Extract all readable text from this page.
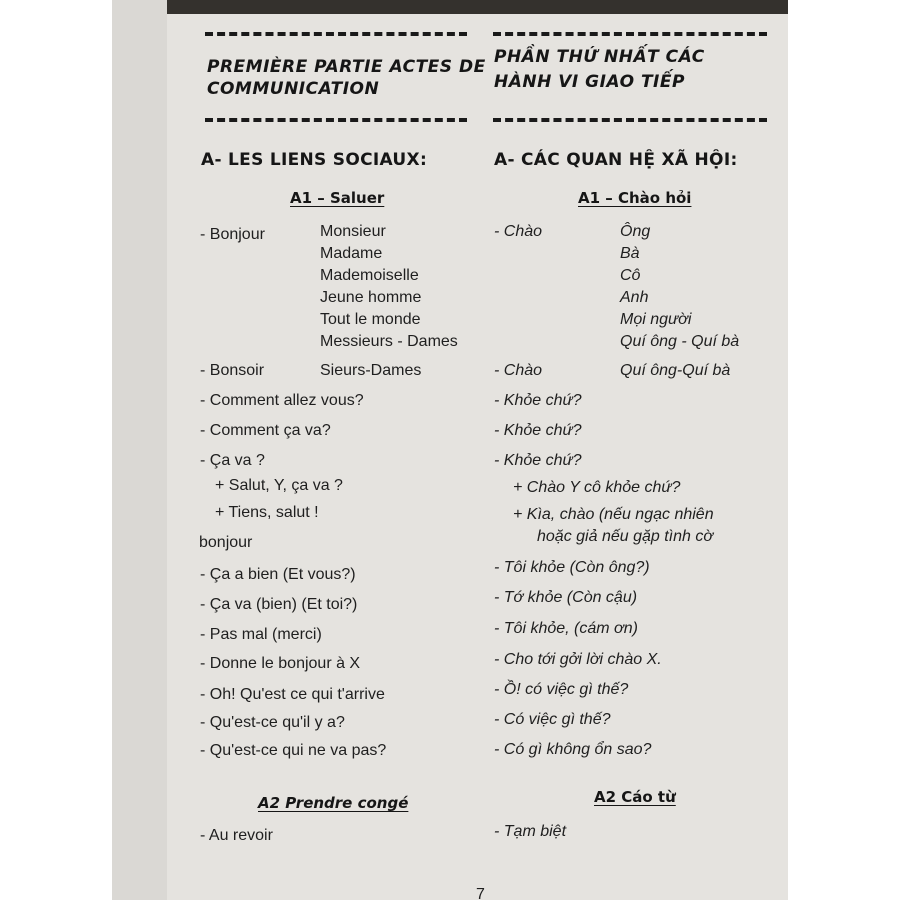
PREMIÈRE PARTIE ACTES DE
COMMUNICATION
PHẦN THỨ NHẤT CÁC
HÀNH VI GIAO TIẾP
A- LES LIENS SOCIAUX:	A- CÁC QUAN HỆ XÃ HỘI:
A1 – Saluer	A1 – Chào hỏi
- Bonjour	Monsieur
Madame
Mademoiselle
Jeune homme
Tout le monde
Messieurs - Dames
- Bonsoir	Sieurs-Dames
- Comment allez vous?
- Comment ça va?
- Ça va ?
+ Salut, Y, ça va ?
+ Tiens, salut !
bonjour
- Ça a bien (Et vous?)
- Ça va (bien) (Et toi?)
- Pas mal (merci)
- Donne le bonjour à X
- Oh! Qu'est ce qui t'arrive
- Qu'est-ce qu'il y a?
- Qu'est-ce qui ne va pas?
A2 Prendre congé
- Au revoir
- Chào	Ông
Bà
Cô
Anh
Mọi người
Quí ông - Quí bà
- Chào	Quí ông-Quí bà
- Khỏe chứ?
- Khỏe chứ?
- Khỏe chứ?
+ Chào Y cô khỏe chứ?
+ Kìa, chào (nếu ngạc nhiên
hoặc giả nếu gặp tình cờ
- Tôi khỏe (Còn ông?)
- Tớ khỏe (Còn cậu)
- Tôi khỏe, (cám ơn)
- Cho tới gởi lời chào X.
- Ồ! có việc gì thế?
- Có việc gì thế?
- Có gì không ổn sao?
A2 Cáo từ
- Tạm biệt
7
